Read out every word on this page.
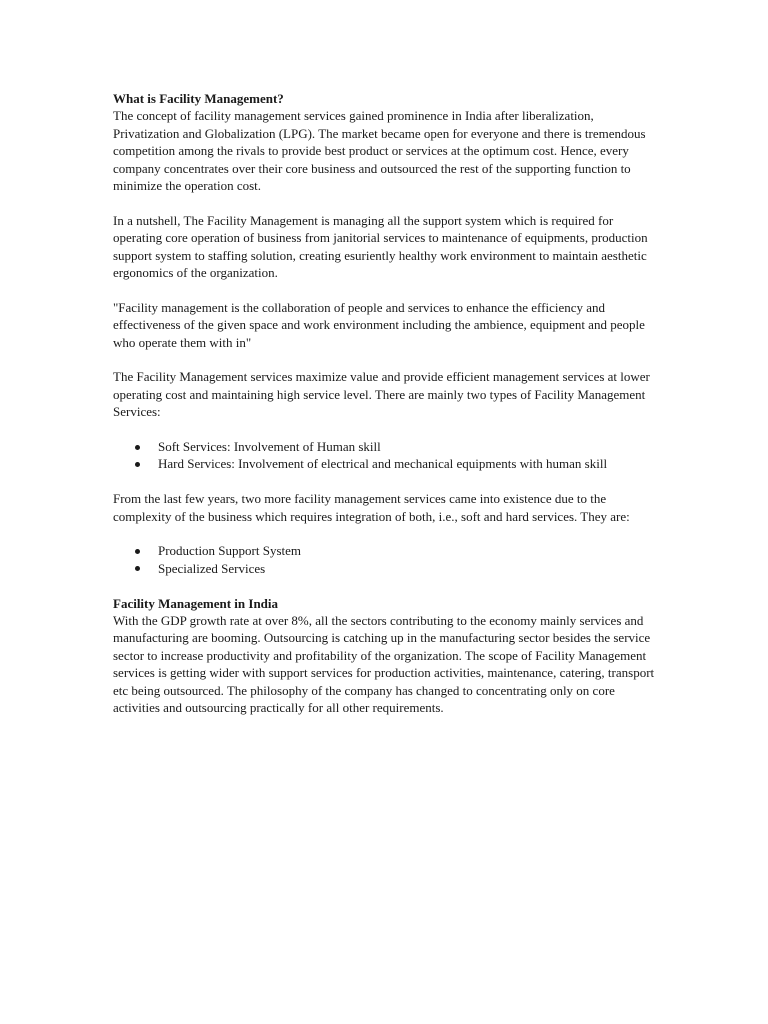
What is Facility Management?

The concept of facility management services gained prominence in India after liberalization, Privatization and Globalization (LPG). The market became open for everyone and there is tremendous competition among the rivals to provide best product or services at the optimum cost. Hence, every company concentrates over their core business and outsourced the rest of the supporting function to minimize the operation cost.

In a nutshell, The Facility Management is managing all the support system which is required for operating core operation of business from janitorial services to maintenance of equipments, production support system to staffing solution, creating esuriently healthy work environment to maintain aesthetic ergonomics of the organization.

"Facility management is the collaboration of people and services to enhance the efficiency and effectiveness of the given space and work environment including the ambience, equipment and people who operate them with in"

The Facility Management services maximize value and provide efficient management services at lower operating cost and maintaining high service level. There are mainly two types of Facility Management Services:

Soft Services: Involvement of Human skill
Hard Services: Involvement of electrical and mechanical equipments with human skill

From the last few years, two more facility management services came into existence due to the complexity of the business which requires integration of both, i.e., soft and hard services. They are:

Production Support System
Specialized Services

Facility Management in India

With the GDP growth rate at over 8%, all the sectors contributing to the economy mainly services and manufacturing are booming. Outsourcing is catching up in the manufacturing sector besides the service sector to increase productivity and profitability of the organization. The scope of Facility Management services is getting wider with support services for production activities, maintenance, catering, transport etc being outsourced. The philosophy of the company has changed to concentrating only on core activities and outsourcing practically for all other requirements.
